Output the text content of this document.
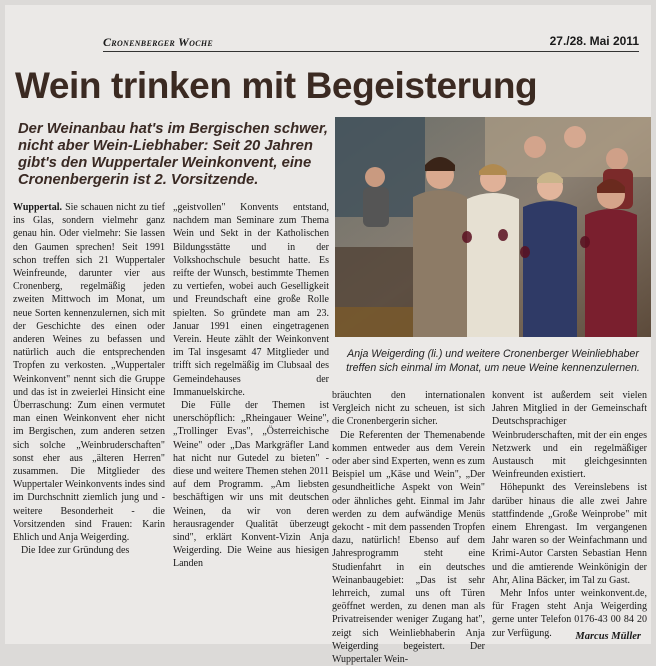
Cronenberger Woche	27./28. Mai 2011
Wein trinken mit Begeisterung
Der Weinanbau hat's im Bergischen schwer, nicht aber Wein-Liebhaber: Seit 20 Jahren gibt's den Wuppertaler Weinkonvent, eine Cronenbergerin ist 2. Vorsitzende.
Anja Weigerding (li.) und weitere Cronenberger Weinliebhaber treffen sich einmal im Monat, um neue Weine kennenzulernen.

Wuppertal. Sie schauen nicht zu tief ins Glas, sondern vielmehr ganz genau hin. Oder vielmehr: Sie lassen den Gaumen sprechen! Seit 1991 schon treffen sich 21 Wuppertaler Weinfreunde, darunter vier aus Cronenberg, regelmäßig jeden zweiten Mittwoch im Monat, um neue Sorten kennenzulernen, sich mit der Geschichte des einen oder anderen Weines zu befassen und natürlich auch die entsprechenden Tropfen zu verkosten. „Wuppertaler Weinkonvent" nennt sich die Gruppe und das ist in zweierlei Hinsicht eine Überraschung: Zum einen vermutet man einen Weinkonvent eher nicht im Bergischen, zum anderen setzen sich solche „Weinbruderschaften" sonst eher aus „älteren Herren" zusammen. Die Mitglieder des Wuppertaler Weinkonvents indes sind im Durchschnitt ziemlich jung und - weitere Besonderheit - die Vorsitzenden sind Frauen: Karin Ehlich und Anja Weigerding.

Die Idee zur Gründung des

„geistvollen" Konvents entstand, nachdem man Seminare zum Thema Wein und Sekt in der Katholischen Bildungsstätte und in der Volkshochschule besucht hatte. Es reifte der Wunsch, bestimmte Themen zu vertiefen, wobei auch Geselligkeit und Freundschaft eine große Rolle spielten. So gründete man am 23. Januar 1991 einen eingetragenen Verein. Heute zählt der Weinkonvent im Tal insgesamt 47 Mitglieder und trifft sich regelmäßig im Clubsaal des Gemeindehauses der Immanuelskirche.

Die Fülle der Themen ist unerschöpflich: „Rheingauer Weine", „Trollinger Evas", „Österreichische Weine" oder „Das Markgräfler Land hat nicht nur Gutedel zu bieten" - diese und weitere Themen stehen 2011 auf dem Programm. „Am liebsten beschäftigen wir uns mit deutschen Weinen, da wir von deren herausragender Qualität überzeugt sind", erklärt Konvent-Vizin Anja Weigerding. Die Weine aus hiesigen Landen

bräuchten den internationalen Vergleich nicht zu scheuen, ist sich die Cronenbergerin sicher.

Die Referenten der Themenabende kommen entweder aus dem Verein oder aber sind Experten, wenn es zum Beispiel um „Käse und Wein", „Der gesundheitliche Aspekt von Wein" oder ähnliches geht. Einmal im Jahr werden zu dem aufwändige Menüs gekocht - mit dem passenden Tropfen dazu, natürlich! Ebenso auf dem Jahresprogramm steht eine Studienfahrt in ein deutsches Weinanbaugebiet: „Das ist sehr lehrreich, zumal uns oft Türen geöffnet werden, zu denen man als Privatreisender weniger Zugang hat", zeigt sich Weinliebhaberin Anja Weigerding begeistert. Der Wuppertaler Wein-

konvent ist außerdem seit vielen Jahren Mitglied in der Gemeinschaft Deutschsprachiger Weinbruderschaften, mit der ein enges Netzwerk und ein regelmäßiger Austausch mit gleichgesinnten Weinfreunden existiert.

Höhepunkt des Vereinslebens ist darüber hinaus die alle zwei Jahre stattfindende „Große Weinprobe" mit einem Ehrengast. Im vergangenen Jahr waren so der Weinfachmann und Krimi-Autor Carsten Sebastian Henn und die amtierende Weinkönigin der Ahr, Alina Bäcker, im Tal zu Gast.

Mehr Infos unter weinkonvent.de, für Fragen steht Anja Weigerding gerne unter Telefon 0176-43 00 84 20 zur Verfügung.	Marcus Müller
